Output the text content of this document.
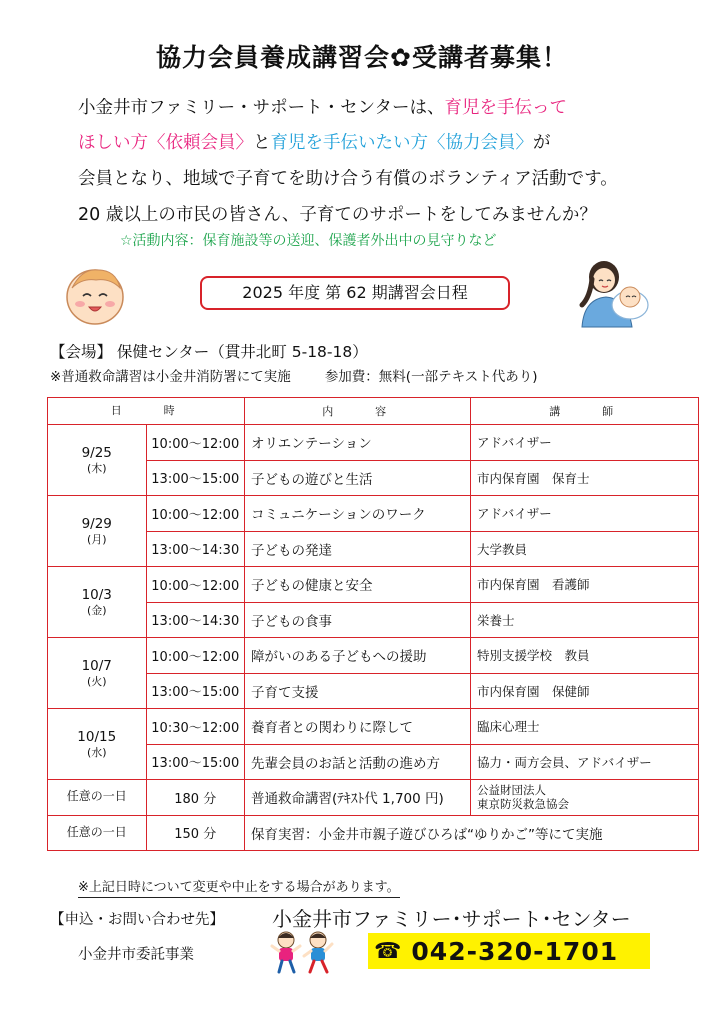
協力会員養成講習会✿受講者募集！
小金井市ファミリー・サポート・センターは、育児を手伝って
ほしい方〈依頼会員〉と育児を手伝いたい方〈協力会員〉が
会員となり、地域で子育てを助け合う有償のボランティア活動です。
20 歳以上の市民の皆さん、子育てのサポートをしてみませんか？
☆活動内容：保育施設等の送迎、保護者外出中の見守りなど
2025 年度 第 62 期講習会日程
【会場】 保健センター（貫井北町 5-18-18）
※普通救命講習は小金井消防署にて実施	参加費：無料(一部テキスト代あり)
日　　時		内　　容	講　　師
9/25
(木)	10:00～12:00	オリエンテーション	アドバイザー
	13:00～15:00	子どもの遊びと生活	市内保育園　保育士
9/29
(月)	10:00～12:00	コミュニケーションのワーク	アドバイザー
	13:00～14:30	子どもの発達	大学教員
10/3
(金)	10:00～12:00	子どもの健康と安全	市内保育園　看護師
	13:00～14:30	子どもの食事	栄養士
10/7
(火)	10:00～12:00	障がいのある子どもへの援助	特別支援学校　教員
	13:00～15:00	子育て支援	市内保育園　保健師
10/15
(水)	10:30～12:00	養育者との関わりに際して	臨床心理士
	13:00～15:00	先輩会員のお話と活動の進め方	協力・両方会員、アドバイザー
任意の一日	180 分	普通救命講習(ﾃｷｽﾄ代 1,700 円)	公益財団法人
東京防災救急協会
任意の一日	150 分	保育実習：小金井市親子遊びひろば“ゆりかご”等にて実施	
※上記日時について変更や中止をする場合があります。
【申込・お問い合わせ先】 小金井市ファミリー･サポート･センター
小金井市委託事業	☎ 042-320-1701
